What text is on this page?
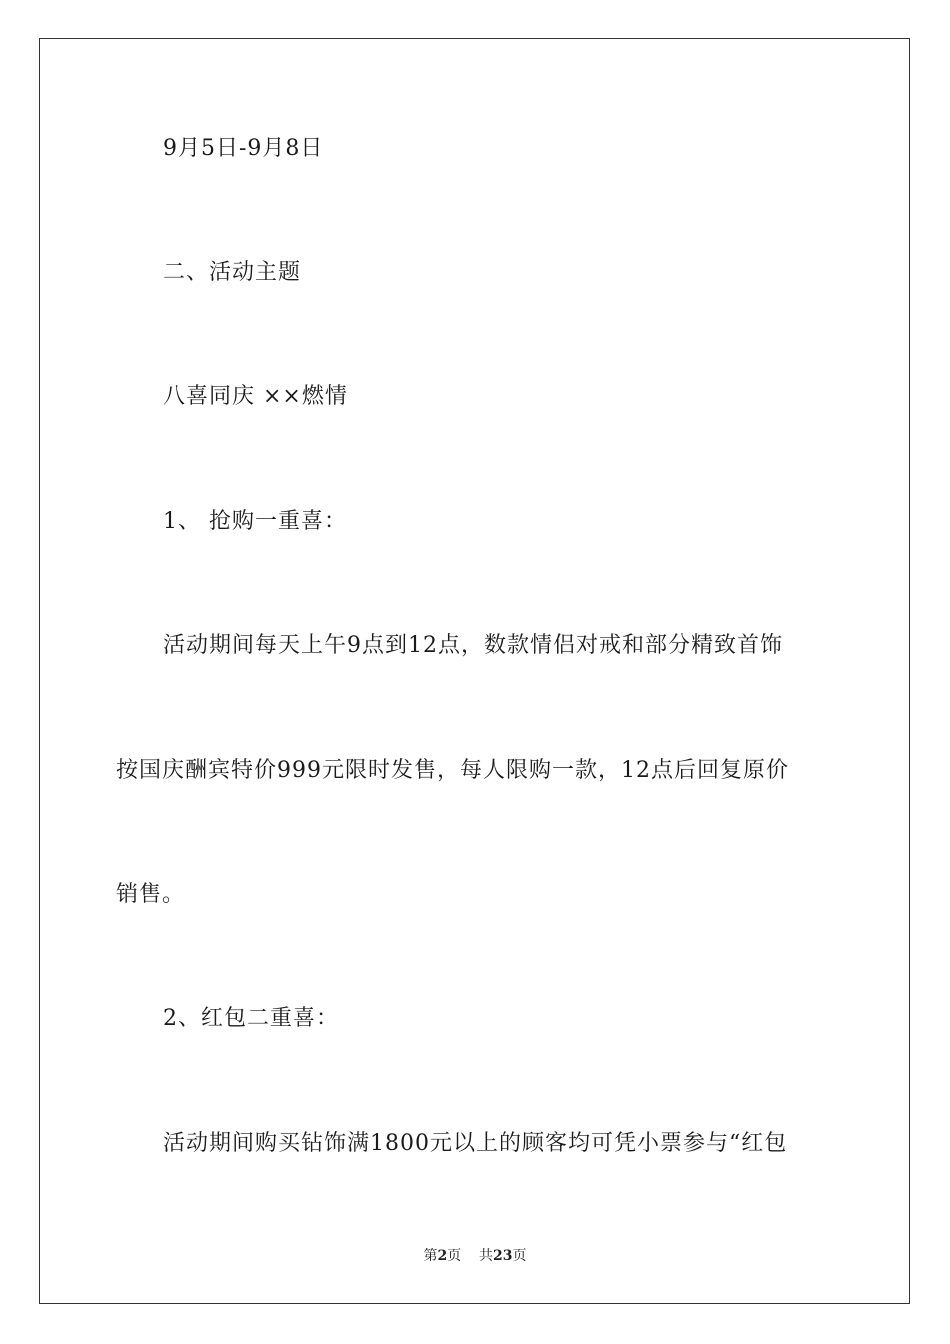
9月5日-9月8日
二、活动主题
八喜同庆 ××燃情
1、 抢购一重喜：
活动期间每天上午9点到12点，数款情侣对戒和部分精致首饰
按国庆酬宾特价999元限时发售，每人限购一款，12点后回复原价
销售。
2、红包二重喜：
活动期间购买钻饰满1800元以上的顾客均可凭小票参与“红包
第2页 共23页
